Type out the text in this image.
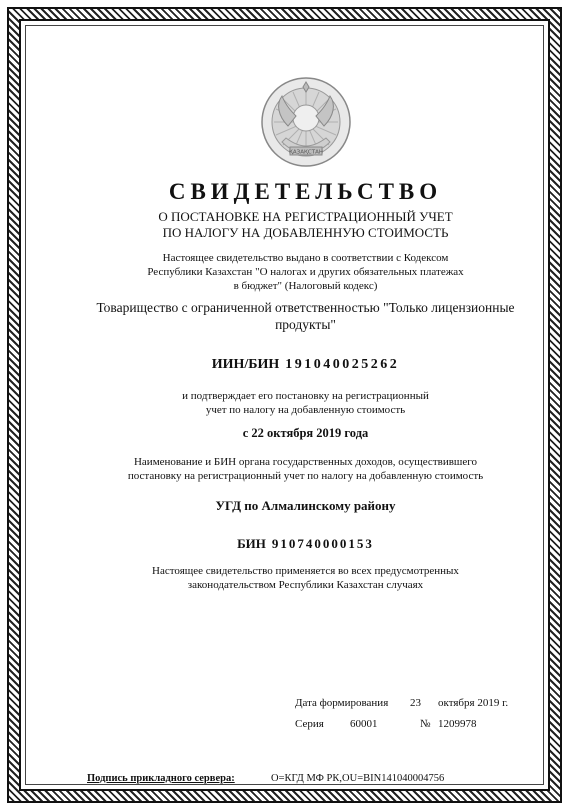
ҚАЗАҚСТАН
СВИДЕТЕЛЬСТВО
О ПОСТАНОВКЕ НА РЕГИСТРАЦИОННЫЙ УЧЕТ
ПО НАЛОГУ НА ДОБАВЛЕННУЮ СТОИМОСТЬ
Настоящее свидетельство выдано в соответствии с Кодексом
Республики Казахстан "О налогах и других обязательных платежах
в бюджет" (Налоговый кодекс)
Товарищество с ограниченной ответственностью "Только лицензионные
продукты"
ИИН/БИН 191040025262
и подтверждает его постановку на регистрационный
учет по налогу на добавленную стоимость
с 22 октября 2019 года
Наименование и БИН органа государственных доходов, осуществившего
постановку на регистрационный учет по налогу на добавленную стоимость
УГД по Алмалинскому району
БИН 910740000153
Настоящее свидетельство применяется во всех предусмотренных
законодательством Республики Казахстан случаях
Дата формирования 23 октября 2019 г.
Серия 60001	№ 1209978
Подпись прикладного сервера:	O=КГД МФ РК,OU=BIN141040004756
